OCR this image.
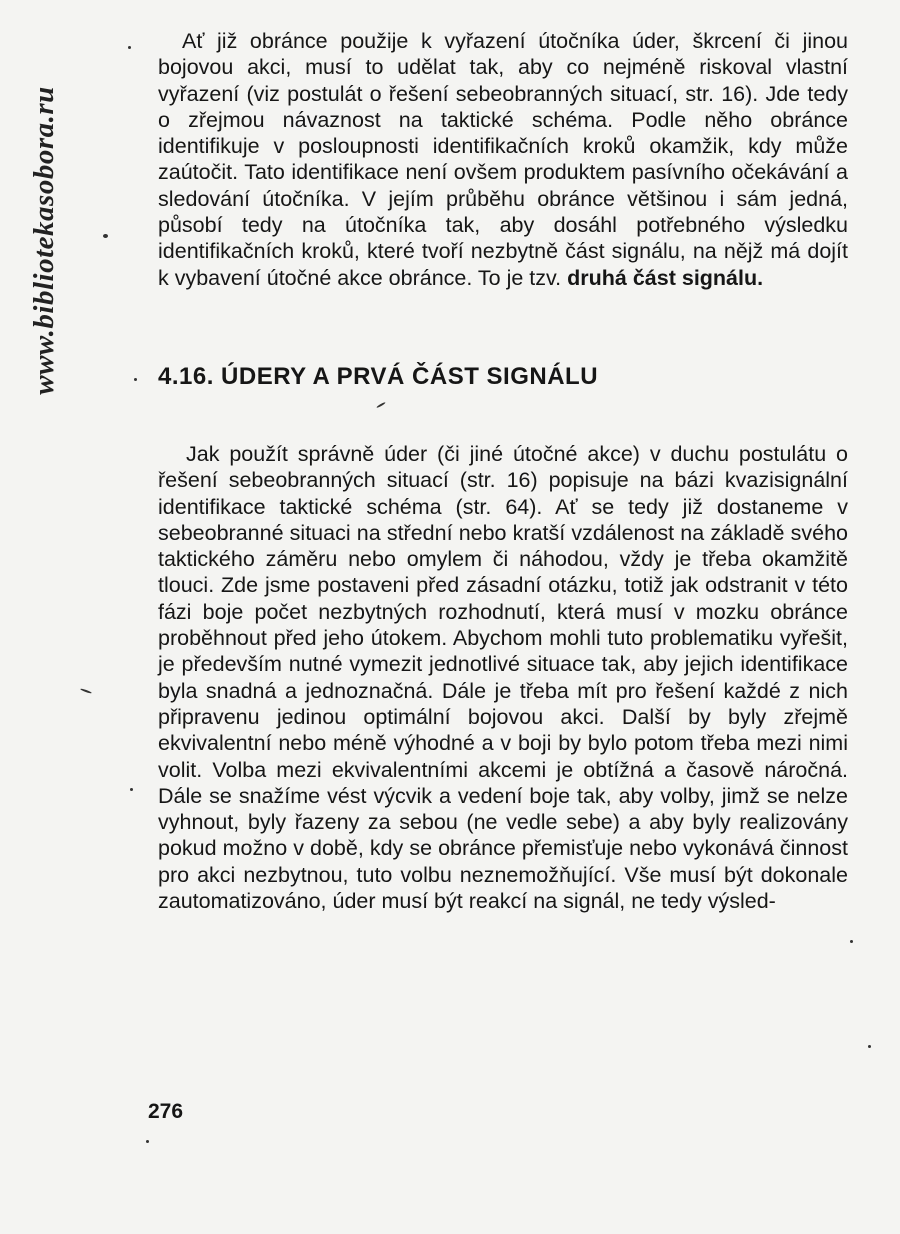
www.bibliotekasobora.ru

Ať již obránce použije k vyřazení útočníka úder, škrcení či jinou bojovou akci, musí to udělat tak, aby co nejméně riskoval vlastní vyřazení (viz postulát o řešení sebeobranných situací, str. 16). Jde tedy o zřejmou návaznost na taktické schéma. Podle něho obránce identifikuje v posloupnosti identifikačních kroků okamžik, kdy může zaútočit. Tato identifikace není ovšem produktem pasívního očekávání a sledování útočníka. V jejím průběhu obránce většinou i sám jedná, působí tedy na útočníka tak, aby dosáhl potřebného výsledku identifikačních kroků, které tvoří nezbytně část signálu, na nějž má dojít k vybavení útočné akce obránce. To je tzv. druhá část signálu.

4.16. ÚDERY A PRVÁ ČÁST SIGNÁLU

Jak použít správně úder (či jiné útočné akce) v duchu postulátu o řešení sebeobranných situací (str. 16) popisuje na bázi kvazisignální identifikace taktické schéma (str. 64). Ať se tedy již dostaneme v sebeobranné situaci na střední nebo kratší vzdálenost na základě svého taktického záměru nebo omylem či náhodou, vždy je třeba okamžitě tlouci. Zde jsme postaveni před zásadní otázku, totiž jak odstranit v této fázi boje počet nezbytných rozhodnutí, která musí v mozku obránce proběhnout před jeho útokem. Abychom mohli tuto problematiku vyřešit, je především nutné vymezit jednotlivé situace tak, aby jejich identifikace byla snadná a jednoznačná. Dále je třeba mít pro řešení každé z nich připravenu jedinou optimální bojovou akci. Další by byly zřejmě ekvivalentní nebo méně výhodné a v boji by bylo potom třeba mezi nimi volit. Volba mezi ekvivalentními akcemi je obtížná a časově náročná. Dále se snažíme vést výcvik a vedení boje tak, aby volby, jimž se nelze vyhnout, byly řazeny za sebou (ne vedle sebe) a aby byly realizovány pokud možno v době, kdy se obránce přemisťuje nebo vykonává činnost pro akci nezbytnou, tuto volbu neznemožňující. Vše musí být dokonale zautomatizováno, úder musí být reakcí na signál, ne tedy výsled-

276
